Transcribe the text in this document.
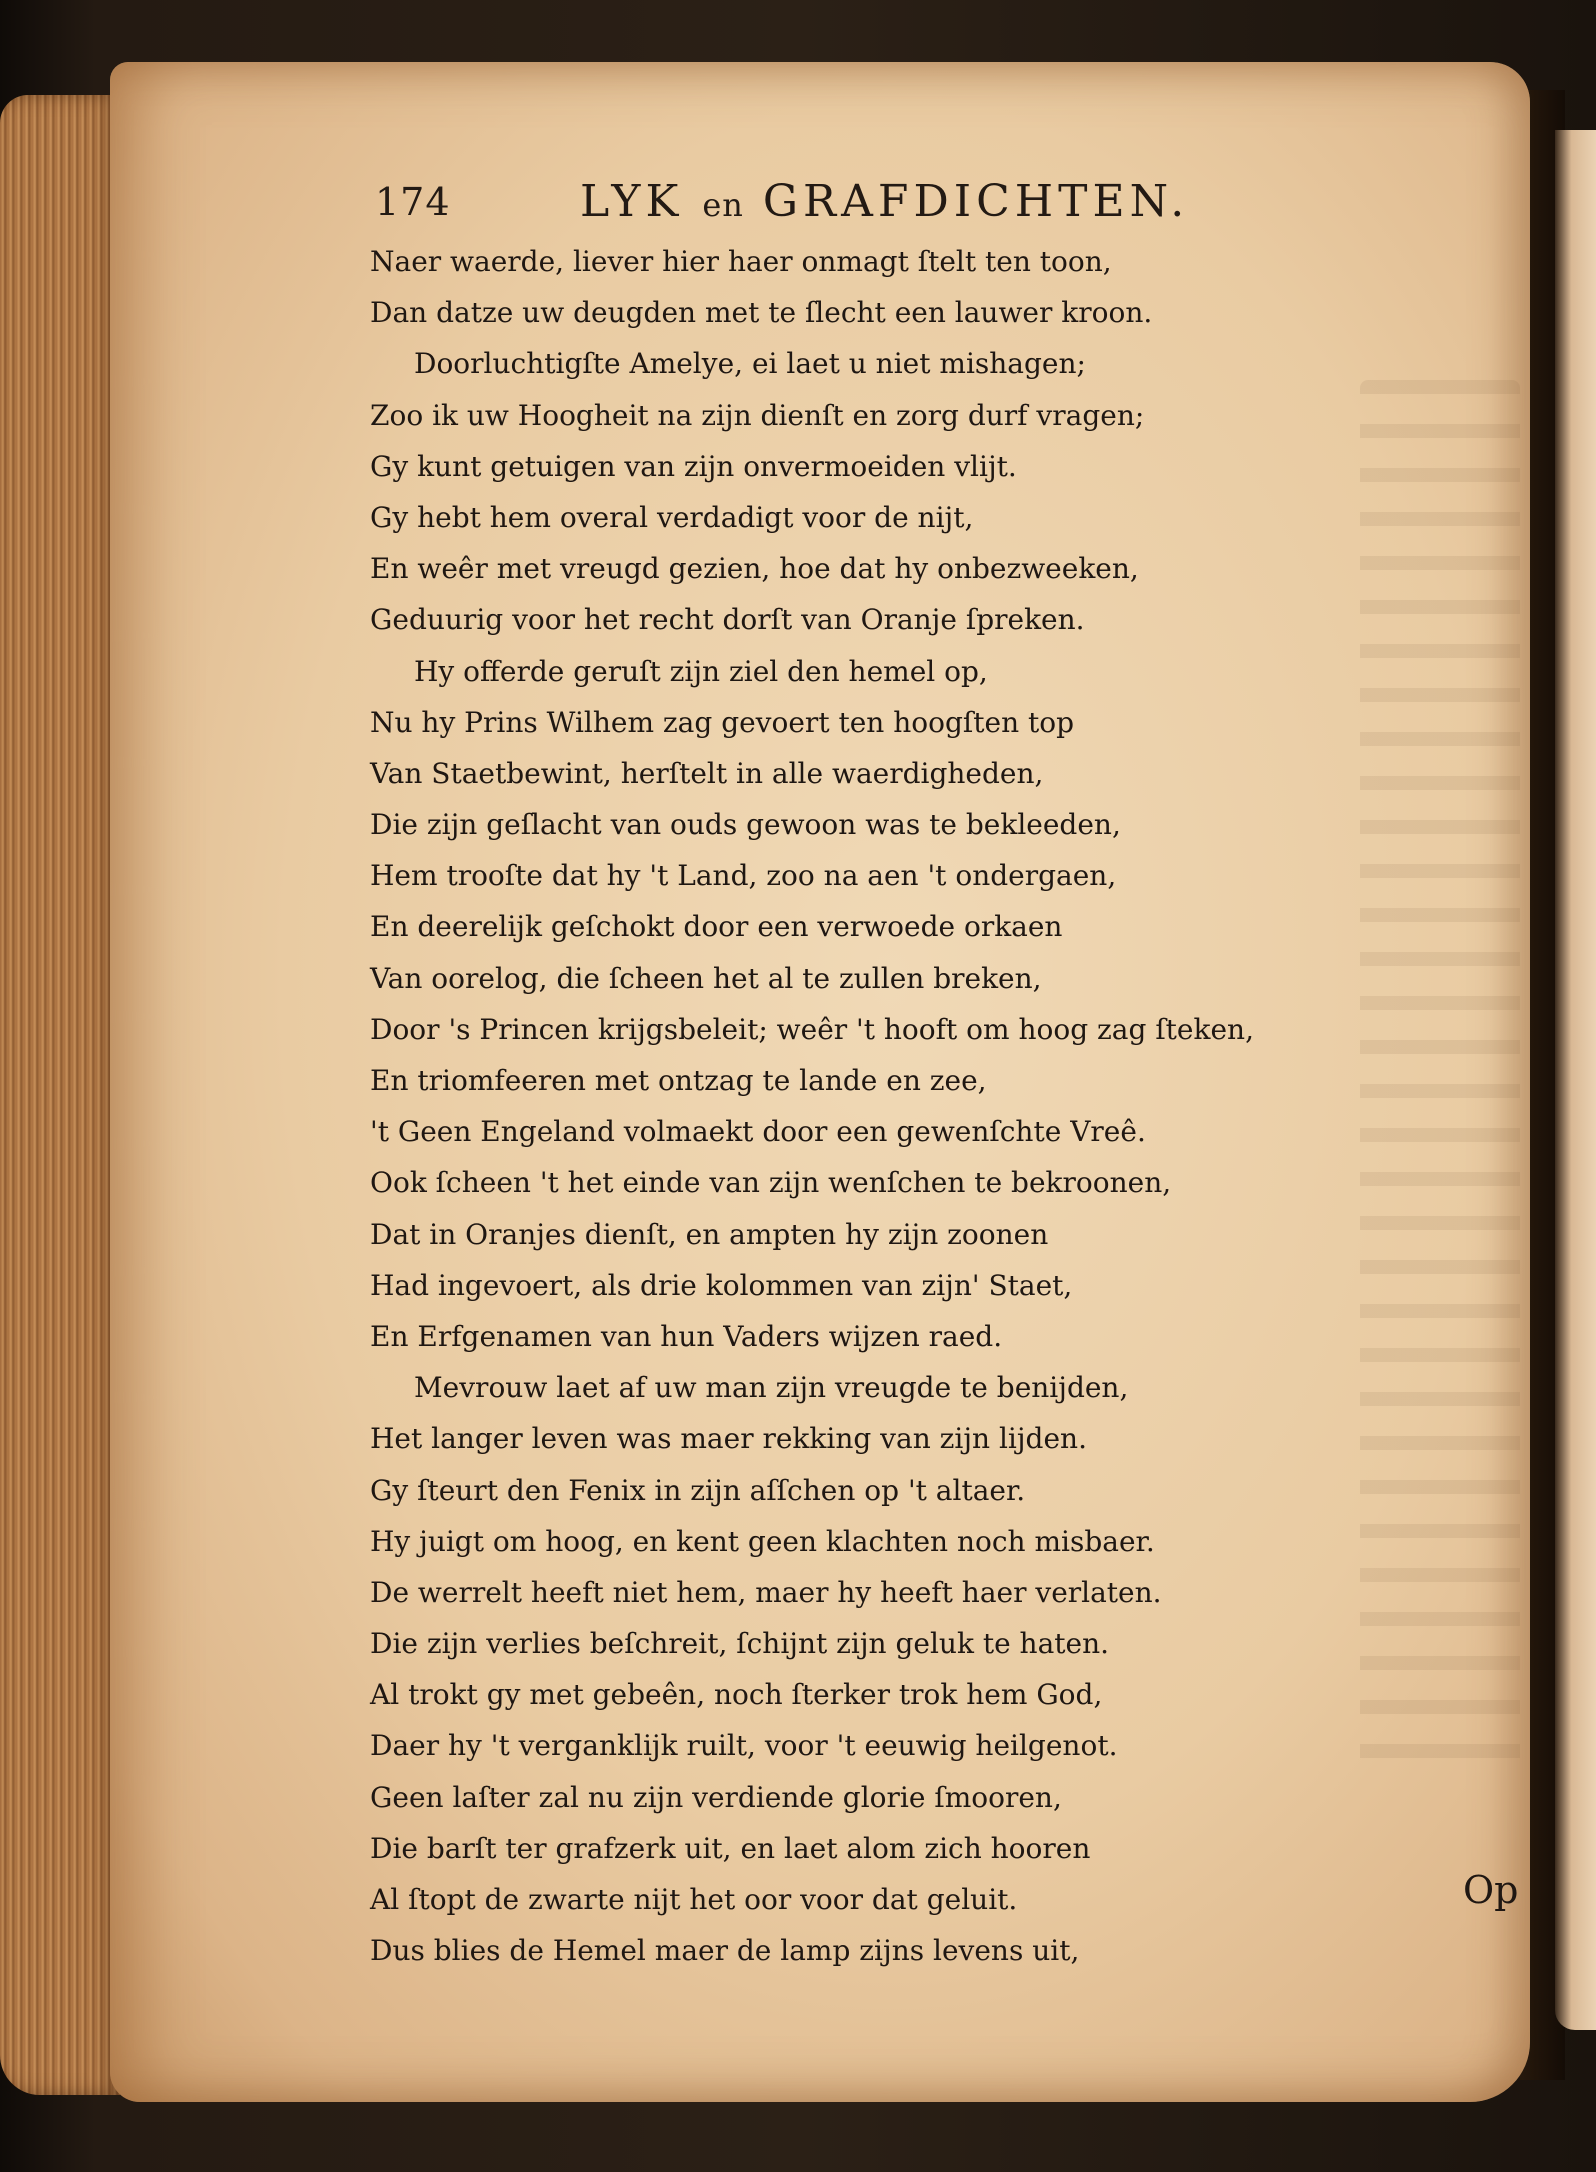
174	LYK en GRAFDICHTEN.
Naer waerde, liever hier haer onmagt ſtelt ten toon,
Dan datze uw deugden met te ſlecht een lauwer kroon.
Doorluchtigſte Amelye, ei laet u niet mishagen;
Zoo ik uw Hoogheit na zijn dienſt en zorg durf vragen;
Gy kunt getuigen van zijn onvermoeiden vlijt.
Gy hebt hem overal verdadigt voor de nijt,
En weêr met vreugd gezien, hoe dat hy onbezweeken,
Geduurig voor het recht dorſt van Oranje ſpreken.
Hy offerde geruſt zijn ziel den hemel op,
Nu hy Prins Wilhem zag gevoert ten hoogſten top
Van Staetbewint, herſtelt in alle waerdigheden,
Die zijn geſlacht van ouds gewoon was te bekleeden,
Hem trooſte dat hy 't Land, zoo na aen 't ondergaen,
En deerelijk geſchokt door een verwoede orkaen
Van oorelog, die ſcheen het al te zullen breken,
Door 's Princen krijgsbeleit; weêr 't hooft om hoog zag ſteken,
En triomfeeren met ontzag te lande en zee,
't Geen Engeland volmaekt door een gewenſchte Vreê.
Ook ſcheen 't het einde van zijn wenſchen te bekroonen,
Dat in Oranjes dienſt, en ampten hy zijn zoonen
Had ingevoert, als drie kolommen van zijn' Staet,
En Erfgenamen van hun Vaders wijzen raed.
Mevrouw laet af uw man zijn vreugde te benijden,
Het langer leven was maer rekking van zijn lijden.
Gy ſteurt den Fenix in zijn aſſchen op 't altaer.
Hy juigt om hoog, en kent geen klachten noch misbaer.
De werrelt heeft niet hem, maer hy heeft haer verlaten.
Die zijn verlies beſchreit, ſchijnt zijn geluk te haten.
Al trokt gy met gebeên, noch ſterker trok hem God,
Daer hy 't verganklijk ruilt, voor 't eeuwig heilgenot.
Geen laſter zal nu zijn verdiende glorie ſmooren,
Die barſt ter grafzerk uit, en laet alom zich hooren
Al ſtopt de zwarte nijt het oor voor dat geluit.
Dus blies de Hemel maer de lamp zijns levens uit,
Op
